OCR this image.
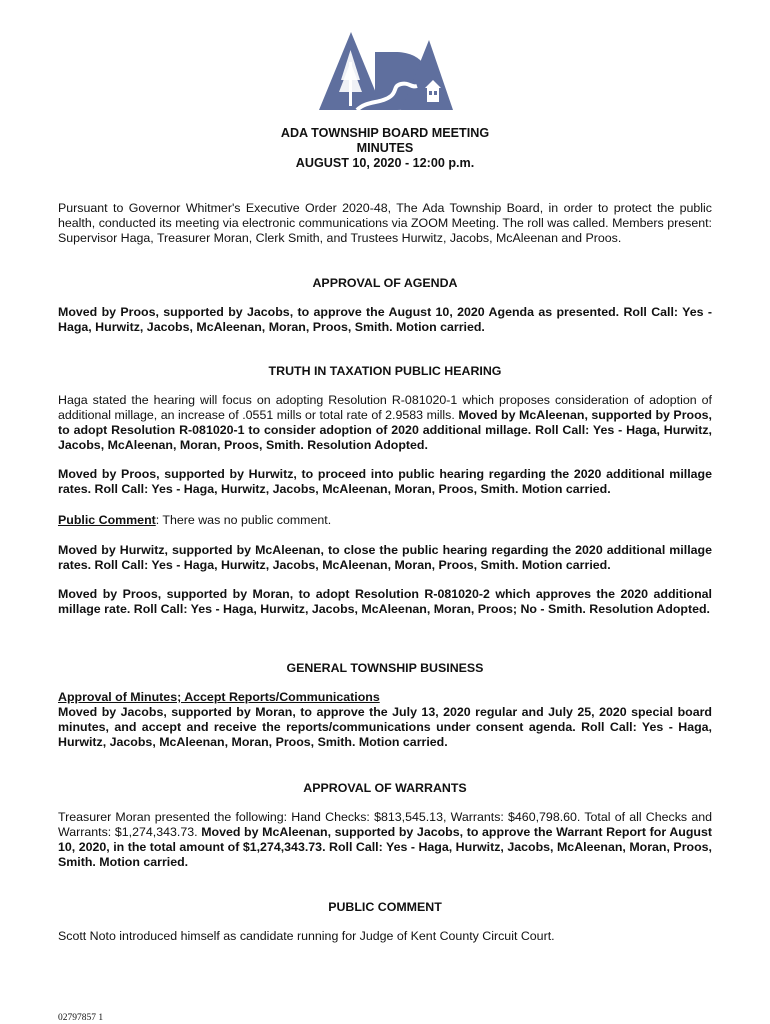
ADA TOWNSHIP BOARD MEETING
MINUTES
AUGUST 10, 2020 - 12:00 p.m.
Pursuant to Governor Whitmer's Executive Order 2020-48, The Ada Township Board, in order to protect the public health, conducted its meeting via electronic communications via ZOOM Meeting. The roll was called. Members present: Supervisor Haga, Treasurer Moran, Clerk Smith, and Trustees Hurwitz, Jacobs, McAleenan and Proos.
APPROVAL OF AGENDA
Moved by Proos, supported by Jacobs, to approve the August 10, 2020 Agenda as presented. Roll Call: Yes - Haga, Hurwitz, Jacobs, McAleenan, Moran, Proos, Smith. Motion carried.
TRUTH IN TAXATION PUBLIC HEARING
Haga stated the hearing will focus on adopting Resolution R-081020-1 which proposes consideration of adoption of additional millage, an increase of .0551 mills or total rate of 2.9583 mills. Moved by McAleenan, supported by Proos, to adopt Resolution R-081020-1 to consider adoption of 2020 additional millage. Roll Call: Yes - Haga, Hurwitz, Jacobs, McAleenan, Moran, Proos, Smith. Resolution Adopted.
Moved by Proos, supported by Hurwitz, to proceed into public hearing regarding the 2020 additional millage rates. Roll Call: Yes - Haga, Hurwitz, Jacobs, McAleenan, Moran, Proos, Smith. Motion carried.
Public Comment: There was no public comment.
Moved by Hurwitz, supported by McAleenan, to close the public hearing regarding the 2020 additional millage rates. Roll Call: Yes - Haga, Hurwitz, Jacobs, McAleenan, Moran, Proos, Smith. Motion carried.
Moved by Proos, supported by Moran, to adopt Resolution R-081020-2 which approves the 2020 additional millage rate. Roll Call: Yes - Haga, Hurwitz, Jacobs, McAleenan, Moran, Proos; No - Smith. Resolution Adopted.
GENERAL TOWNSHIP BUSINESS
Approval of Minutes; Accept Reports/Communications
Moved by Jacobs, supported by Moran, to approve the July 13, 2020 regular and July 25, 2020 special board minutes, and accept and receive the reports/communications under consent agenda. Roll Call: Yes - Haga, Hurwitz, Jacobs, McAleenan, Moran, Proos, Smith. Motion carried.
APPROVAL OF WARRANTS
Treasurer Moran presented the following: Hand Checks: $813,545.13, Warrants: $460,798.60. Total of all Checks and Warrants: $1,274,343.73. Moved by McAleenan, supported by Jacobs, to approve the Warrant Report for August 10, 2020, in the total amount of $1,274,343.73. Roll Call: Yes - Haga, Hurwitz, Jacobs, McAleenan, Moran, Proos, Smith. Motion carried.
PUBLIC COMMENT
Scott Noto introduced himself as candidate running for Judge of Kent County Circuit Court.
02797857 1
